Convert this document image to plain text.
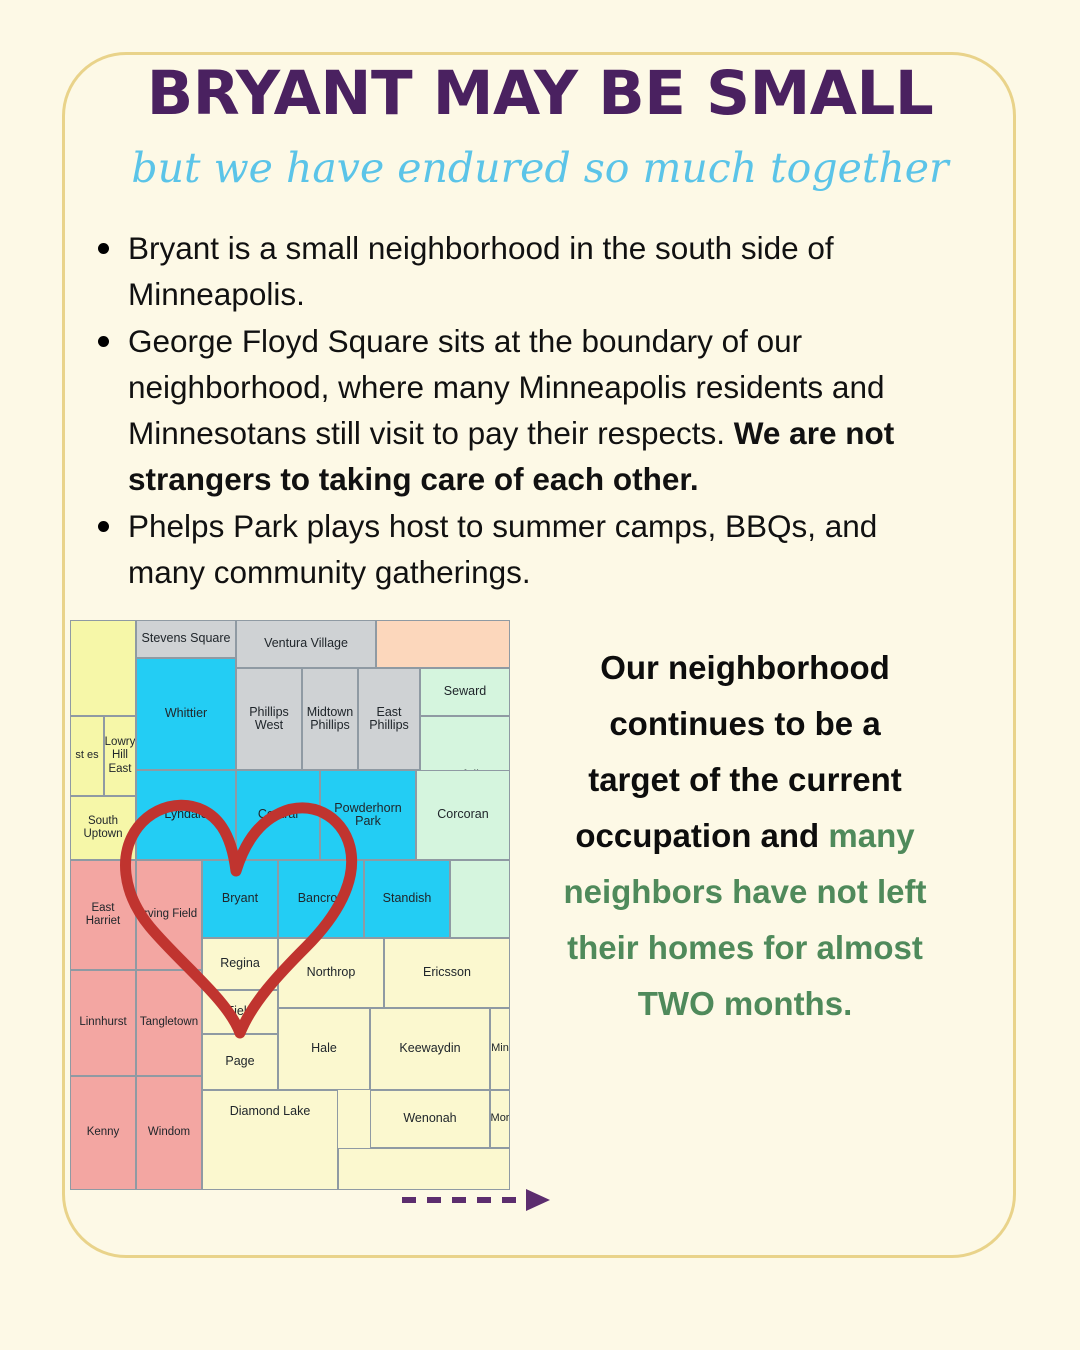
BRYANT MAY BE SMALL
but we have endured so much together
Bryant is a small neighborhood in the south side of Minneapolis.
George Floyd Square sits at the boundary of our neighborhood, where many Minneapolis residents and Minnesotans still visit to pay their respects. We are not strangers to taking care of each other.
Phelps Park plays host to summer camps, BBQs, and many community gatherings.
Stevens Square	Ventura Village
Whittier
st es
Lowry Hill East
Phillips West
Midtown Phillips
East Phillips
Seward
South Uptown
Lyndale	Central	Powderhorn Park	Corcoran
East Harriet
Irving Field
Bryant	Bancroft	Standish
Regina
Northrop	Ericsson
Field
Linnhurst Tangletown
Page
Hale	Keewaydin	Min
Wenonah	Mor
Kenny Windom
Diamond Lake
Our neighborhood continues to be a target of the current occupation and many neighbors have not left their homes for almost TWO months.
